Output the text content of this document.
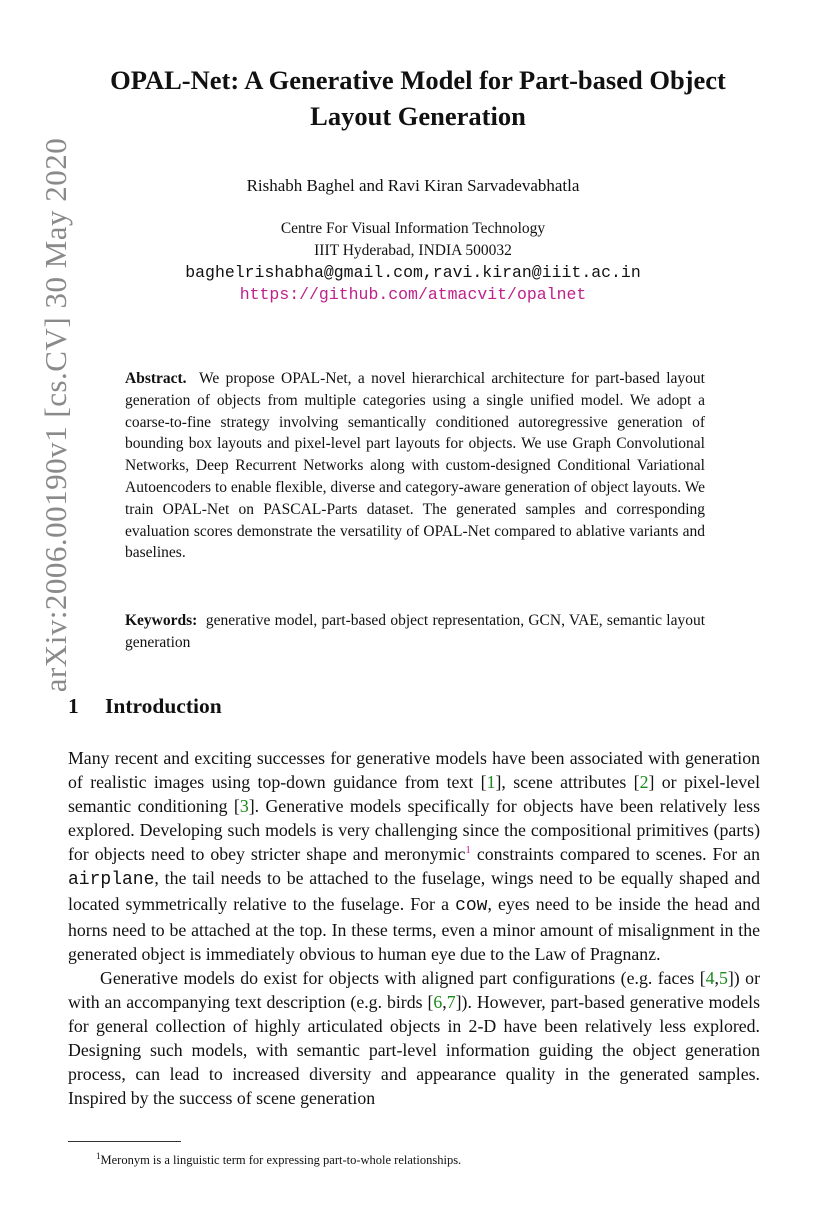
arXiv:2006.00190v1 [cs.CV] 30 May 2020
OPAL-Net: A Generative Model for Part-based Object Layout Generation
Rishabh Baghel and Ravi Kiran Sarvadevabhatla
Centre For Visual Information Technology
IIIT Hyderabad, INDIA 500032
baghelrishabha@gmail.com,ravi.kiran@iiit.ac.in
https://github.com/atmacvit/opalnet

Abstract. We propose OPAL-Net, a novel hierarchical architecture for part-based layout generation of objects from multiple categories using a single unified model. We adopt a coarse-to-fine strategy involving semantically conditioned autoregressive generation of bounding box layouts and pixel-level part layouts for objects. We use Graph Convolutional Networks, Deep Recurrent Networks along with custom-designed Conditional Variational Autoencoders to enable flexible, diverse and category-aware generation of object layouts. We train OPAL-Net on PASCAL-Parts dataset. The generated samples and corresponding evaluation scores demonstrate the versatility of OPAL-Net compared to ablative variants and baselines.

Keywords: generative model, part-based object representation, GCN, VAE, semantic layout generation

1 Introduction

Many recent and exciting successes for generative models have been associated with generation of realistic images using top-down guidance from text [1], scene attributes [2] or pixel-level semantic conditioning [3]. Generative models specifically for objects have been relatively less explored. Developing such models is very challenging since the compositional primitives (parts) for objects need to obey stricter shape and meronymic$^1$ constraints compared to scenes. For an airplane, the tail needs to be attached to the fuselage, wings need to be equally shaped and located symmetrically relative to the fuselage. For a cow, eyes need to be inside the head and horns need to be attached at the top. In these terms, even a minor amount of misalignment in the generated object is immediately obvious to human eye due to the Law of Pragnanz.

Generative models do exist for objects with aligned part configurations (e.g. faces [4,5]) or with an accompanying text description (e.g. birds [6,7]). However, part-based generative models for general collection of highly articulated objects in 2-D have been relatively less explored. Designing such models, with semantic part-level information guiding the object generation process, can lead to increased diversity and appearance quality in the generated samples. Inspired by the success of scene generation

$^1$Meronym is a linguistic term for expressing part-to-whole relationships.
